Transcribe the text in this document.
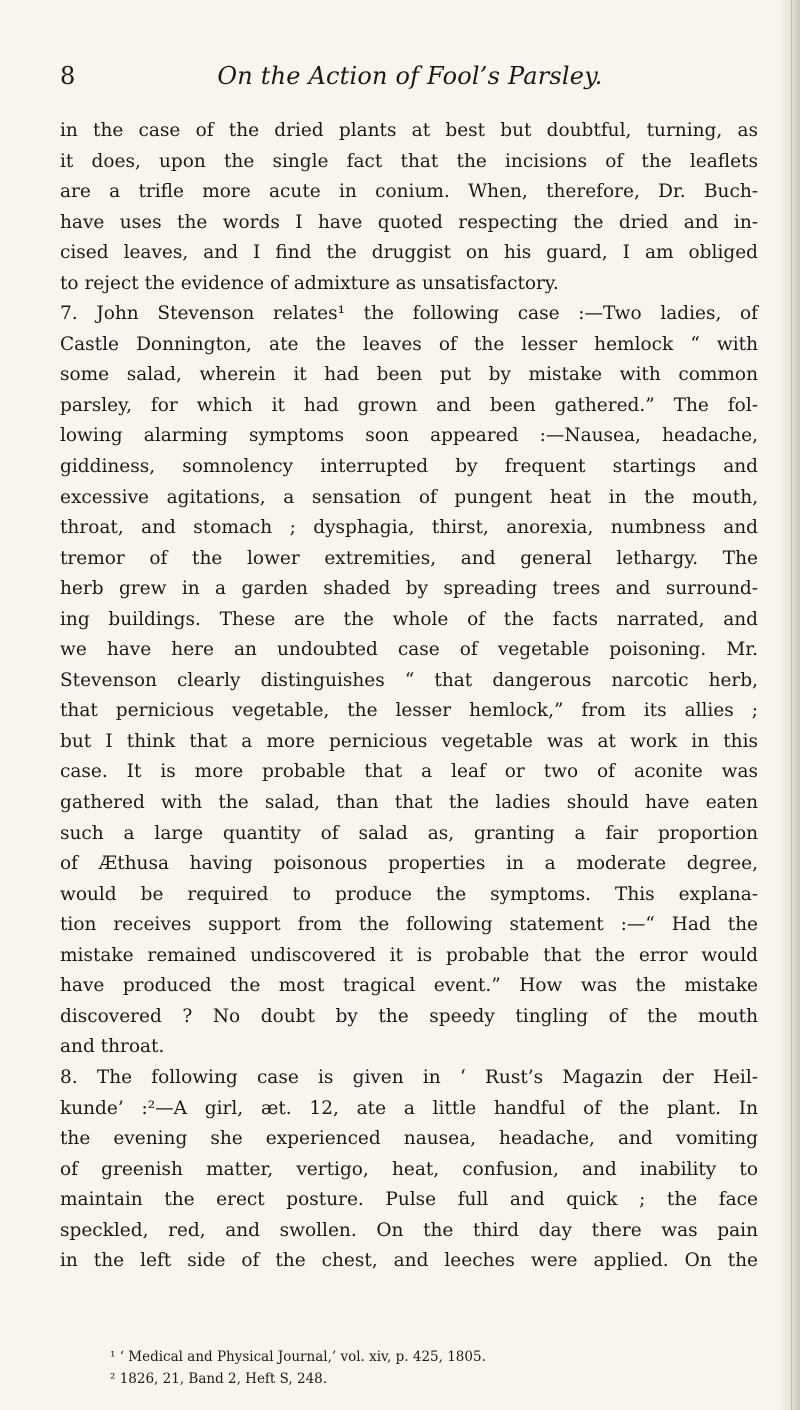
8	On the Action of Fool’s Parsley.
in the case of the dried plants at best but doubtful, turning, as
it does, upon the single fact that the incisions of the leaflets
are a trifle more acute in conium. When, therefore, Dr. Buch-
have uses the words I have quoted respecting the dried and in-
cised leaves, and I find the druggist on his guard, I am obliged
to reject the evidence of admixture as unsatisfactory.
7. John Stevenson relates¹ the following case :—Two ladies, of
Castle Donnington, ate the leaves of the lesser hemlock “ with
some salad, wherein it had been put by mistake with common
parsley, for which it had grown and been gathered.” The fol-
lowing alarming symptoms soon appeared :—Nausea, headache,
giddiness, somnolency interrupted by frequent startings and
excessive agitations, a sensation of pungent heat in the mouth,
throat, and stomach ; dysphagia, thirst, anorexia, numbness and
tremor of the lower extremities, and general lethargy. The
herb grew in a garden shaded by spreading trees and surround-
ing buildings. These are the whole of the facts narrated, and
we have here an undoubted case of vegetable poisoning. Mr.
Stevenson clearly distinguishes “ that dangerous narcotic herb,
that pernicious vegetable, the lesser hemlock,” from its allies ;
but I think that a more pernicious vegetable was at work in this
case. It is more probable that a leaf or two of aconite was
gathered with the salad, than that the ladies should have eaten
such a large quantity of salad as, granting a fair proportion
of Æthusa having poisonous properties in a moderate degree,
would be required to produce the symptoms. This explana-
tion receives support from the following statement :—“ Had the
mistake remained undiscovered it is probable that the error would
have produced the most tragical event.” How was the mistake
discovered ? No doubt by the speedy tingling of the mouth
and throat.
8. The following case is given in ‘ Rust’s Magazin der Heil-
kunde’ :²—A girl, æt. 12, ate a little handful of the plant. In
the evening she experienced nausea, headache, and vomiting
of greenish matter, vertigo, heat, confusion, and inability to
maintain the erect posture. Pulse full and quick ; the face
speckled, red, and swollen. On the third day there was pain
in the left side of the chest, and leeches were applied. On the
¹ ‘ Medical and Physical Journal,’ vol. xiv, p. 425, 1805.
² 1826, 21, Band 2, Heft S, 248.
